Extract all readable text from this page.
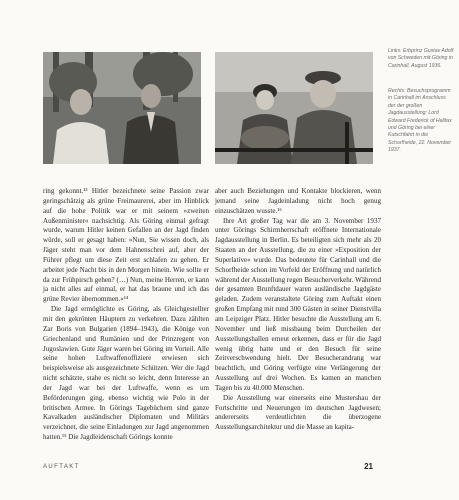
Links: Erbprinz Gustav Adolf von Schweden mit Göring in Carinhall, August 1936.

Rechts: Besuchsprogramm in Carinhall im Anschluss der der großen Jagdausstellung: Lord Edward Frederick of Halifax und Göring bei einer Kutschfahrt in die Schorfheide, 22. November 1937.

ring gekonnt.¹³ Hitler bezeichnete seine Passion zwar geringschätzig als grüne Freimaurerei, aber im Hinblick auf die hohe Politik war er mit seinem »zweiten Außenminister« nachsichtig. Als Göring einmal gefragt wurde, warum Hitler keinen Gefallen an der Jagd finden würde, soll er gesagt haben: »Nun, Sie wissen doch, als Jäger steht man vor dem Hahnenschrei auf, aber der Führer pflegt um diese Zeit erst schlafen zu gehen. Er arbeitet jede Nacht bis in den Morgen hinein. Wie sollte er da zur Frühpirsch gehen? (…) Nun, meine Herren, er kann ja nicht alles auf einmal, er hat das braune und ich das grüne Revier übernommen.«¹⁴

Die Jagd ermöglichte es Göring, als Gleichgestellter mit den gekrönten Häuptern zu verkehren. Dazu zählten Zar Boris von Bulgarien (1894–1943), die Könige von Griechenland und Rumänien und der Prinzregent von Jugoslawien. Gute Jäger waren bei Göring im Vorteil. Alle seine hohen Luftwaffenoffiziere erwiesen sich beispielsweise als ausgezeichnete Schützen. Wer die Jagd nicht schätzte, stahe es nicht so leicht, denn Interesse an der Jagd war bei der Luftwaffe, wenn es um Beförderungen ging, ebenso wichtig wie Polo in der britischen Armee. In Görings Tagebüchern sind ganze Kavalkaden ausländischer Diplomaten und Militärs verzeichnet, die seine Einladungen zur Jagd angenommen hatten.¹⁵ Die Jagdleidenschaft Görings konnte

aber auch Beziehungen und Kontakte blockieren, wenn jemand seine Jagdeinladung nicht hoch genug einzuschätzen wusste.¹⁶

Ihre Art großer Tag war die am 3. November 1937 unter Görings Schirmherrschaft eröffnete Internationale Jagdausstellung in Berlin. Es beteiligten sich mehr als 20 Staaten an der Ausstellung, die zu einer »Exposition der Superlative« wurde. Das bedeutete für Carinhall und die Schorfheide schon im Vorfeld der Eröffnung und natürlich während der Ausstellung regen Besucherverkehr. Während der gesamten Brunftdauer waren ausländische Jagdgäste geladen. Zudem veranstaltete Göring zum Auftakt einen großen Empfang mit rund 300 Gästen in seiner Dienstvilla am Leipziger Platz. Hitler besuchte die Ausstellung am 6. November und ließ missbaung beim Durcheilen der Ausstellungshallen erneut erkennen, dass er für die Jagd wenig übrig hatte und er den Besuch für seine Zeitverschwendung hielt. Der Besucherandrang war beachtlich, und Göring verfügte eine Verlängerung der Ausstellung auf drei Wochen. Es kamen an manchen Tagen bis zu 40.000 Menschen.

Die Ausstellung war einerseits eine Mustershau der Fortschritte und Neuerungen im deutschen Jagdwesen; andererseits verdeutlichten die überzogene Ausstellungsarchitektur und die Masse an kapita-

AUFTAKT	21
